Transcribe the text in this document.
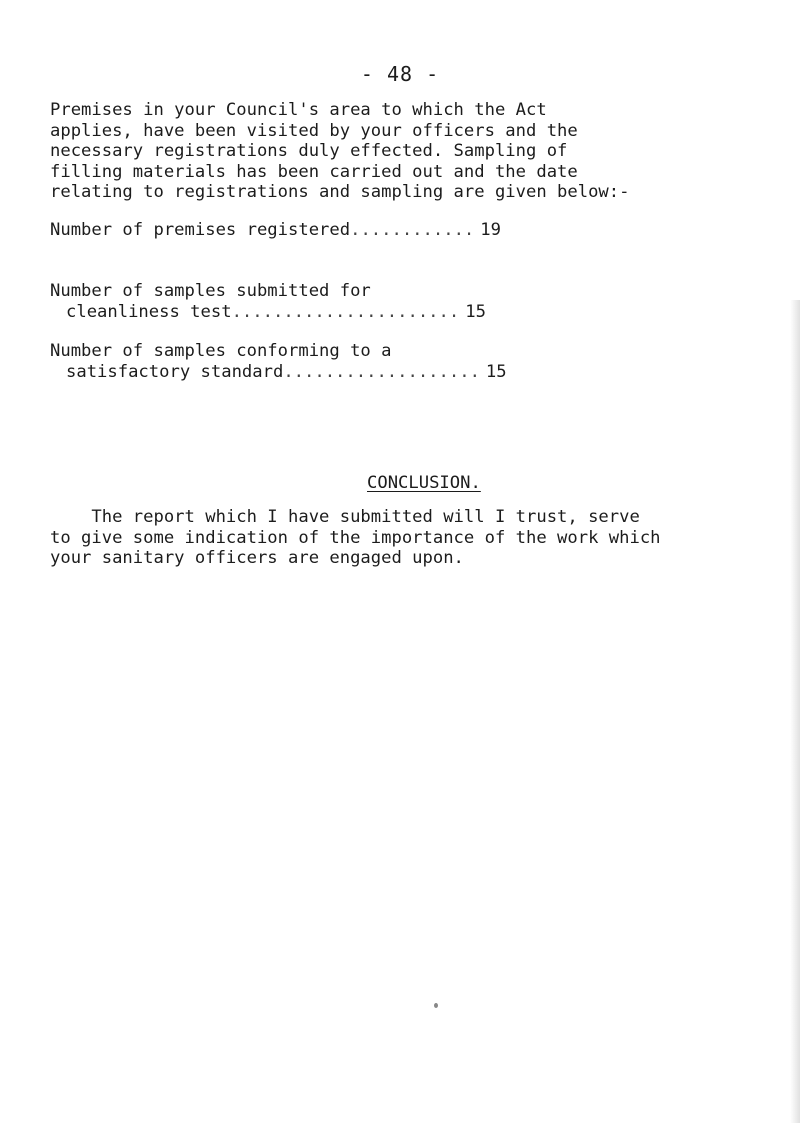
- 48 -
Premises in your Council's area to which the Act
applies, have been visited by your officers and the
necessary registrations duly effected. Sampling of
filling materials has been carried out and the date
relating to registrations and sampling are given below:-
Number of premises registered............ 19
Number of samples submitted for
cleanliness test...................... 15
Number of samples conforming to a
satisfactory standard................... 15
CONCLUSION.
The report which I have submitted will I trust, serve
to give some indication of the importance of the work which
your sanitary officers are engaged upon.
